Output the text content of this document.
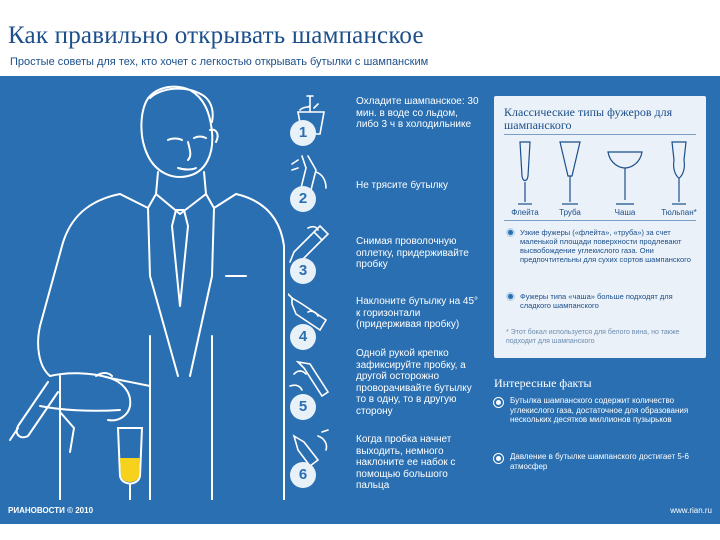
Как правильно открывать шампанское
Простые советы для тех, кто хочет с легкостью открывать бутылки с шампанским
1
Охладите шампанское: 30 мин. в воде со льдом, либо 3 ч в холодильнике
2
Не трясите бутылку
3
Снимая проволочную оплетку, придерживайте пробку
4
Наклоните бутылку на 45° к горизонтали (придерживая пробку)
5
Одной рукой крепко зафиксируйте пробку, а другой осторожно проворачивайте бутылку то в одну, то в другую сторону
6
Когда пробка начнет выходить, немного наклоните ее набок с помощью большого пальца
Классические типы фужеров для шампанского
Флейта	Труба	Чаша	Тюльпан*
Узкие фужеры («флейта», «труба») за счет маленькой площади поверхности продлевают высвобождение углекислого газа. Они предпочтительны для сухих сортов шампанского
Фужеры типа «чаша» больше подходят для сладкого шампанского
* Этот бокал используется для белого вина, но также подходит для шампанского
Интересные факты
Бутылка шампанского содержит количество углекислого газа, достаточное для образования нескольких десятков миллионов пузырьков
Давление в бутылке шампанского достигает 5-6 атмосфер
РИАНОВОСТИ © 2010	www.rian.ru
